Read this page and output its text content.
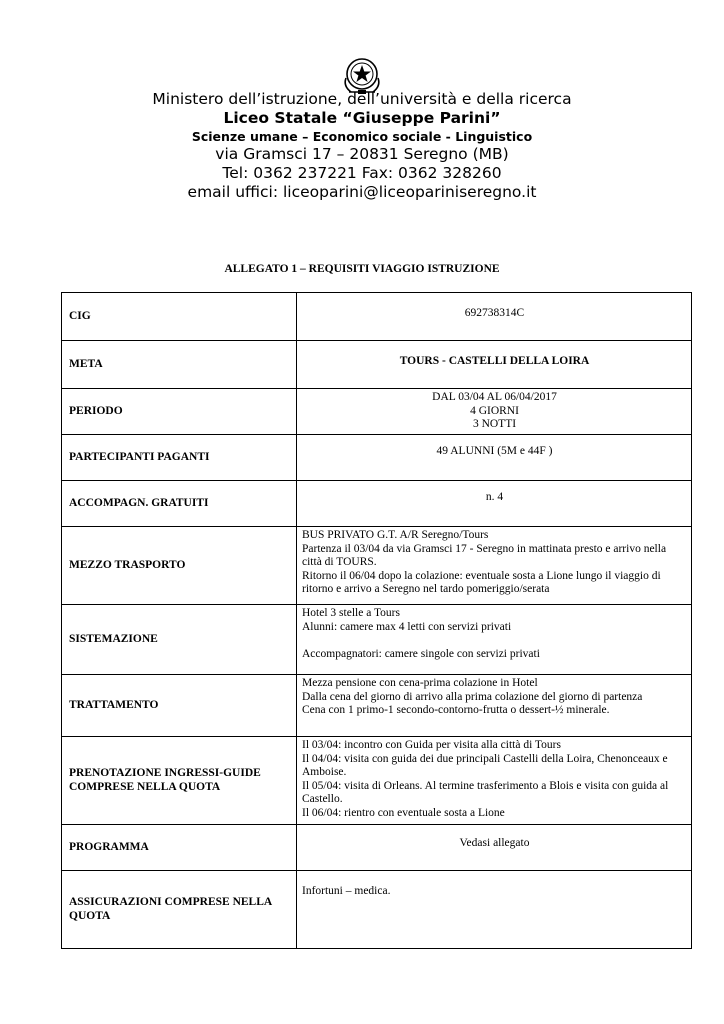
Ministero dell’istruzione, dell’università e della ricerca

Liceo Statale “Giuseppe Parini”

Scienze umane – Economico sociale - Linguistico

via Gramsci 17 – 20831 Seregno (MB)

Tel: 0362 237221 Fax: 0362 328260

email uffici: liceoparini@liceopariniseregno.it

ALLEGATO 1 – REQUISITI VIAGGIO ISTRUZIONE
CIG	692738314C

META	TOURS - CASTELLI DELLA LOIRA

PERIODO	DAL 03/04 AL 06/04/2017
4 GIORNI
3 NOTTI

PARTECIPANTI PAGANTI	49 ALUNNI (5M e 44F )

ACCOMPAGN. GRATUITI	n. 4

MEZZO TRASPORTO	BUS PRIVATO G.T. A/R Seregno/Tours
Partenza il 03/04 da via Gramsci 17 - Seregno in mattinata presto e arrivo nella città di TOURS.
Ritorno il 06/04 dopo la colazione: eventuale sosta a Lione lungo il viaggio di ritorno e arrivo a Seregno nel tardo pomeriggio/serata

SISTEMAZIONE	Hotel 3 stelle a Tours
Alunni: camere max 4 letti con servizi privati
Accompagnatori: camere singole con servizi privati

TRATTAMENTO	Mezza pensione con cena-prima colazione in Hotel
Dalla cena del giorno di arrivo alla prima colazione del giorno di partenza
Cena con 1 primo-1 secondo-contorno-frutta o dessert-½ minerale.

PRENOTAZIONE INGRESSI-GUIDE COMPRESE NELLA QUOTA	Il 03/04: incontro con Guida per visita alla città di Tours
Il 04/04: visita con guida dei due principali Castelli della Loira, Chenonceaux e Amboise.
Il 05/04: visita di Orleans. Al termine trasferimento a Blois e visita con guida al Castello.
Il 06/04: rientro con eventuale sosta a Lione

PROGRAMMA	Vedasi allegato

ASSICURAZIONI COMPRESE NELLA QUOTA	Infortuni – medica.
